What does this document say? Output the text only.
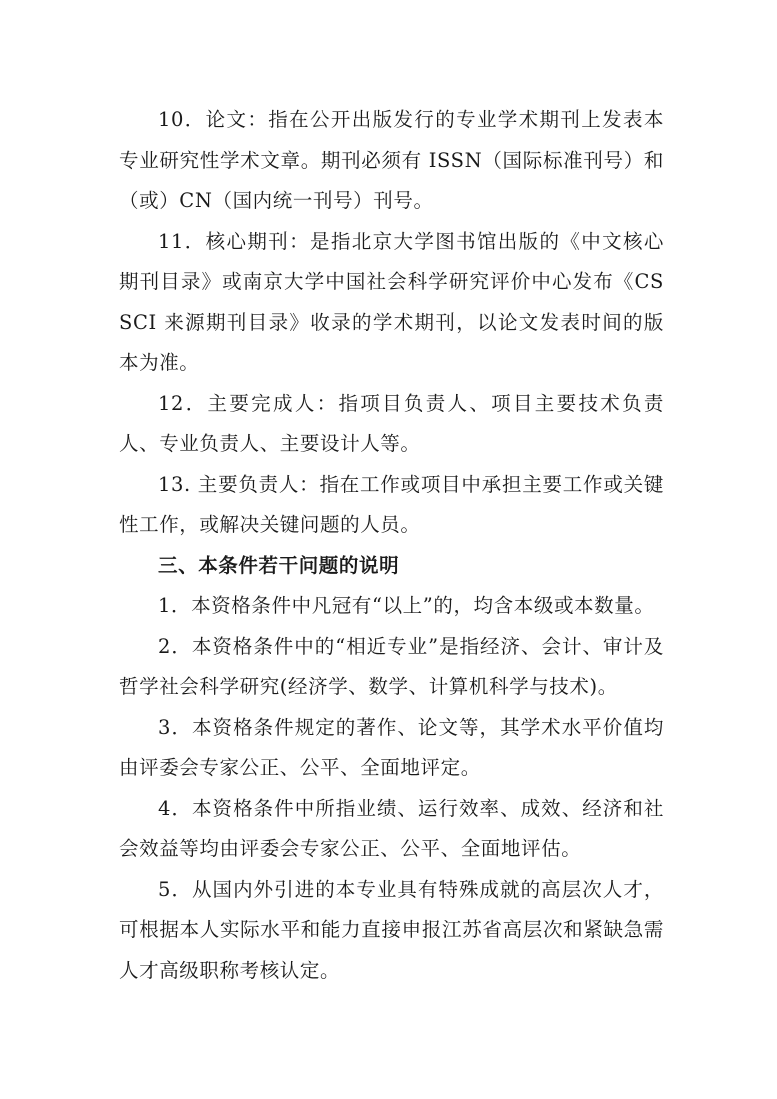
10．论文：指在公开出版发行的专业学术期刊上发表本专业研究性学术文章。期刊必须有 ISSN（国际标准刊号）和（或）CN（国内统一刊号）刊号。

11．核心期刊：是指北京大学图书馆出版的《中文核心期刊目录》或南京大学中国社会科学研究评价中心发布《CSSCI 来源期刊目录》收录的学术期刊，以论文发表时间的版本为准。

12．主要完成人：指项目负责人、项目主要技术负责人、专业负责人、主要设计人等。

13. 主要负责人：指在工作或项目中承担主要工作或关键性工作，或解决关键问题的人员。

三、本条件若干问题的说明

1．本资格条件中凡冠有“以上”的，均含本级或本数量。

2．本资格条件中的“相近专业”是指经济、会计、审计及哲学社会科学研究(经济学、数学、计算机科学与技术)。

3．本资格条件规定的著作、论文等，其学术水平价值均由评委会专家公正、公平、全面地评定。

4．本资格条件中所指业绩、运行效率、成效、经济和社会效益等均由评委会专家公正、公平、全面地评估。

5．从国内外引进的本专业具有特殊成就的高层次人才，可根据本人实际水平和能力直接申报江苏省高层次和紧缺急需人才高级职称考核认定。
